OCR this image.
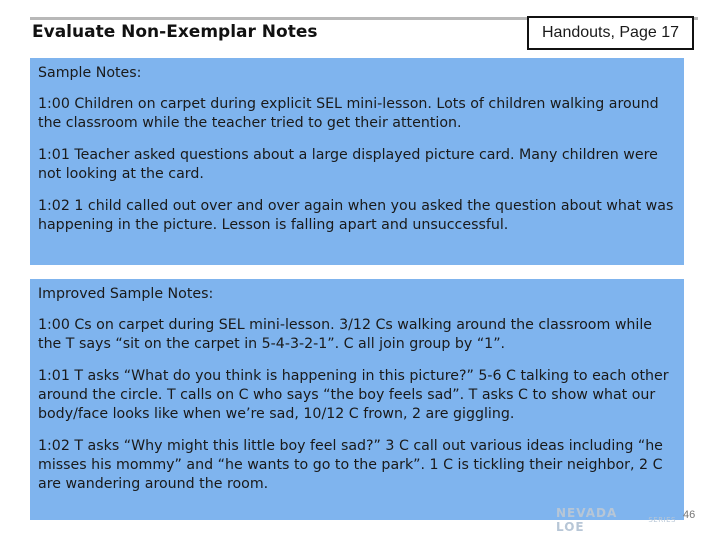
Evaluate Non-Exemplar Notes	Handouts, Page 17

Sample Notes:

1:00 Children on carpet during explicit SEL mini-lesson. Lots of children walking around the classroom while the teacher tried to get their attention.

1:01 Teacher asked questions about a large displayed picture card. Many children were not looking at the card.

1:02 1 child called out over and over again when you asked the question about what was happening in the picture. Lesson is falling apart and unsuccessful.

Improved Sample Notes:

1:00 Cs on carpet during SEL mini-lesson. 3/12 Cs walking around the classroom while the T says “sit on the carpet in 5-4-3-2-1”. C all join group by “1”.

1:01 T asks “What do you think is happening in this picture?” 5-6 C talking to each other around the circle. T calls on C who says “the boy feels sad”. T asks C to show what our body/face looks like when we’re sad, 10/12 C frown, 2 are giggling.

1:02 T asks “Why might this little boy feel sad?” 3 C call out various ideas including “he misses his mommy” and “he wants to go to the park”. 1 C is tickling their neighbor, 2 C are wandering around the room.

NEVADA LOE	SERIES 46
